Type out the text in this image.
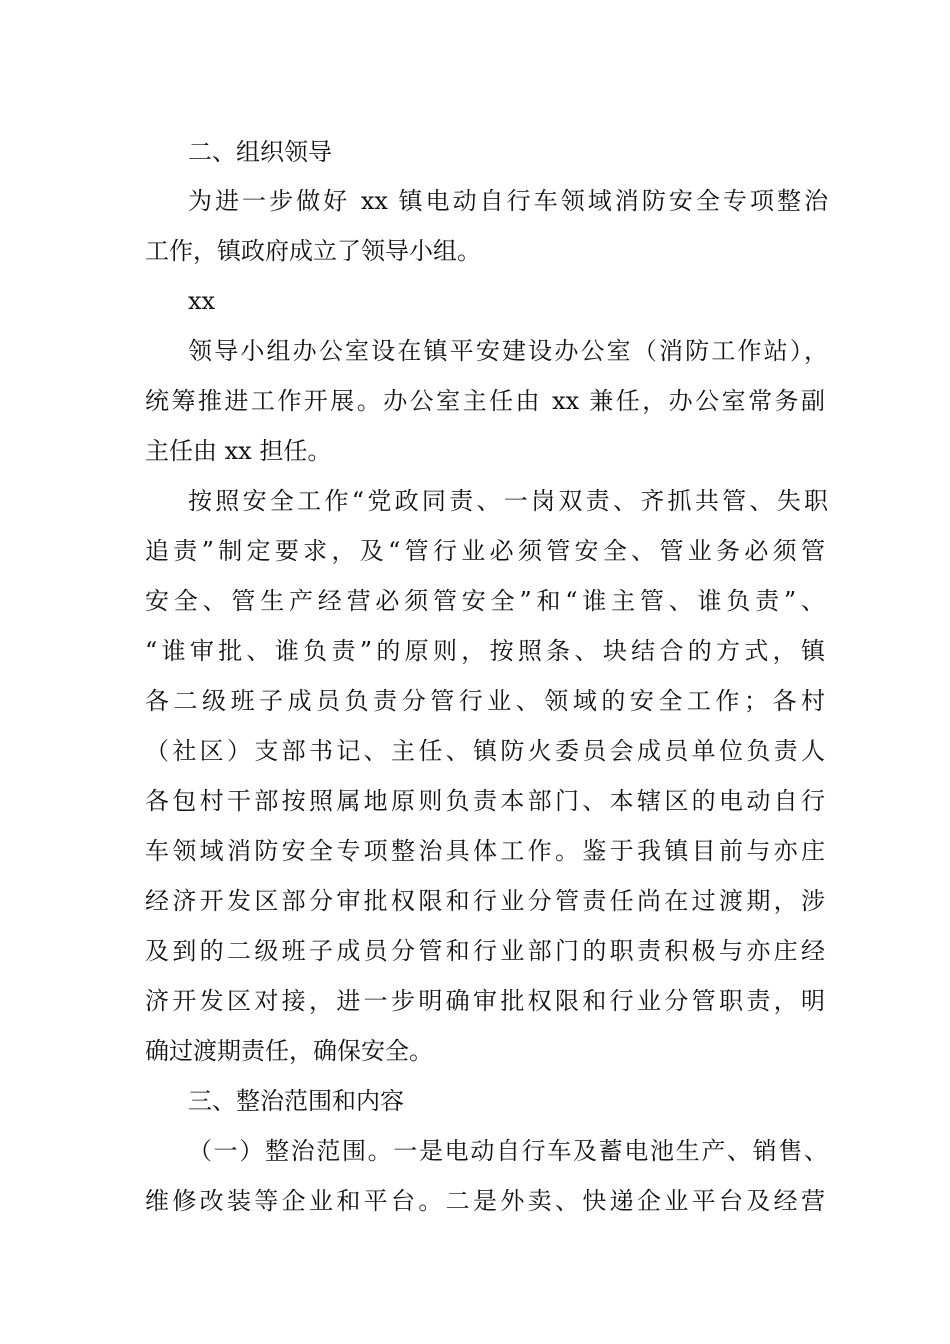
二、组织领导
为进一步做好 xx 镇电动自行车领域消防安全专项整治
工作，镇政府成立了领导小组。
xx
领导小组办公室设在镇平安建设办公室（消防工作站），
统筹推进工作开展。办公室主任由 xx 兼任，办公室常务副
主任由 xx 担任。
按照安全工作“党政同责、一岗双责、齐抓共管、失职
追责”制定要求，及“管行业必须管安全、管业务必须管
安全、管生产经营必须管安全”和“谁主管、谁负责”、
“谁审批、谁负责”的原则，按照条、块结合的方式，镇
各二级班子成员负责分管行业、领域的安全工作；各村
（社区）支部书记、主任、镇防火委员会成员单位负责人
各包村干部按照属地原则负责本部门、本辖区的电动自行
车领域消防安全专项整治具体工作。鉴于我镇目前与亦庄
经济开发区部分审批权限和行业分管责任尚在过渡期，涉
及到的二级班子成员分管和行业部门的职责积极与亦庄经
济开发区对接，进一步明确审批权限和行业分管职责，明
确过渡期责任，确保安全。
三、整治范围和内容
（一）整治范围。一是电动自行车及蓄电池生产、销售、
维修改装等企业和平台。二是外卖、快递企业平台及经营
